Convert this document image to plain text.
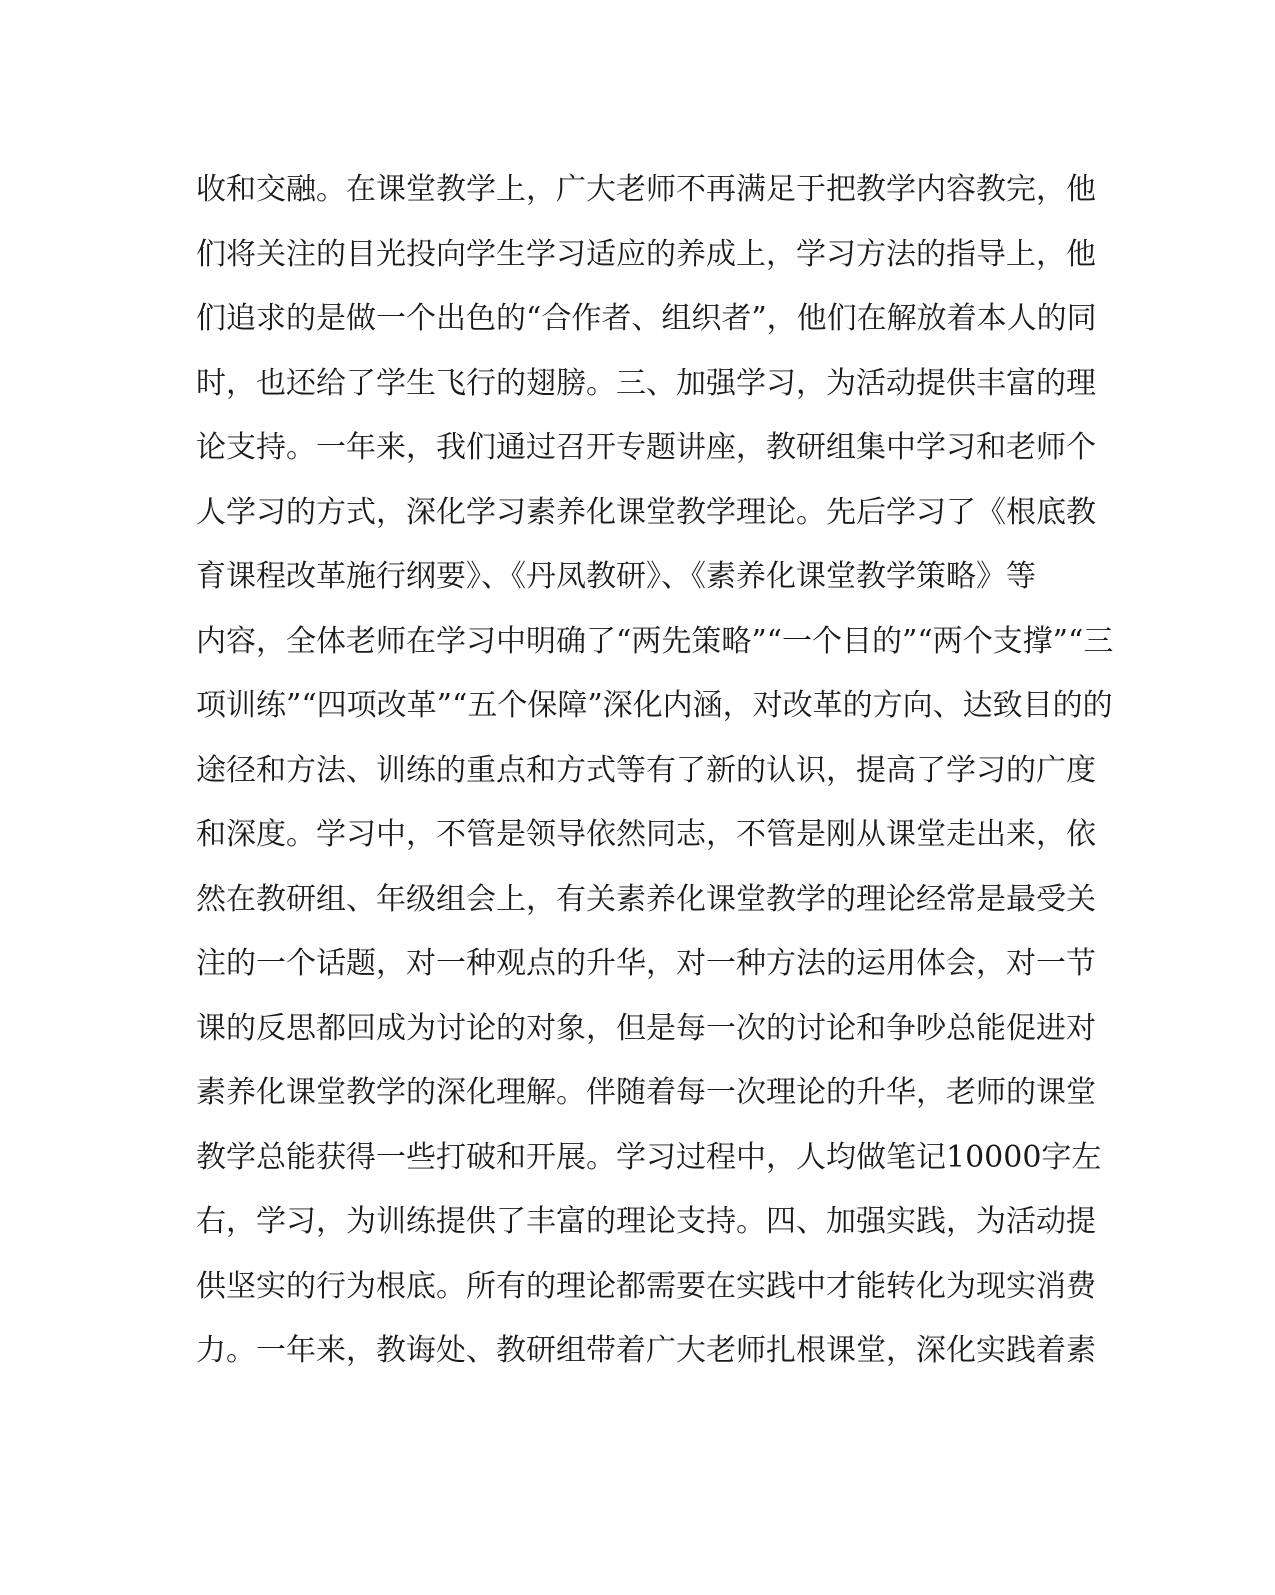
收和交融。在课堂教学上，广大老师不再满足于把教学内容教完，他
们将关注的目光投向学生学习适应的养成上，学习方法的指导上，他
们追求的是做一个出色的“合作者、组织者”，他们在解放着本人的同
时，也还给了学生飞行的翅膀。三、加强学习，为活动提供丰富的理
论支持。一年来，我们通过召开专题讲座，教研组集中学习和老师个
人学习的方式，深化学习素养化课堂教学理论。先后学习了《根底教
育课程改革施行纲要》、《丹凤教研》、《素养化课堂教学策略》等
内容，全体老师在学习中明确了“两先策略”“一个目的”“两个支撑”“三
项训练”“四项改革”“五个保障”深化内涵，对改革的方向、达致目的的
途径和方法、训练的重点和方式等有了新的认识，提高了学习的广度
和深度。学习中，不管是领导依然同志，不管是刚从课堂走出来，依
然在教研组、年级组会上，有关素养化课堂教学的理论经常是最受关
注的一个话题，对一种观点的升华，对一种方法的运用体会，对一节
课的反思都回成为讨论的对象，但是每一次的讨论和争吵总能促进对
素养化课堂教学的深化理解。伴随着每一次理论的升华，老师的课堂
教学总能获得一些打破和开展。学习过程中，人均做笔记10000字左
右，学习，为训练提供了丰富的理论支持。四、加强实践，为活动提
供坚实的行为根底。所有的理论都需要在实践中才能转化为现实消费
力。一年来，教诲处、教研组带着广大老师扎根课堂，深化实践着素
